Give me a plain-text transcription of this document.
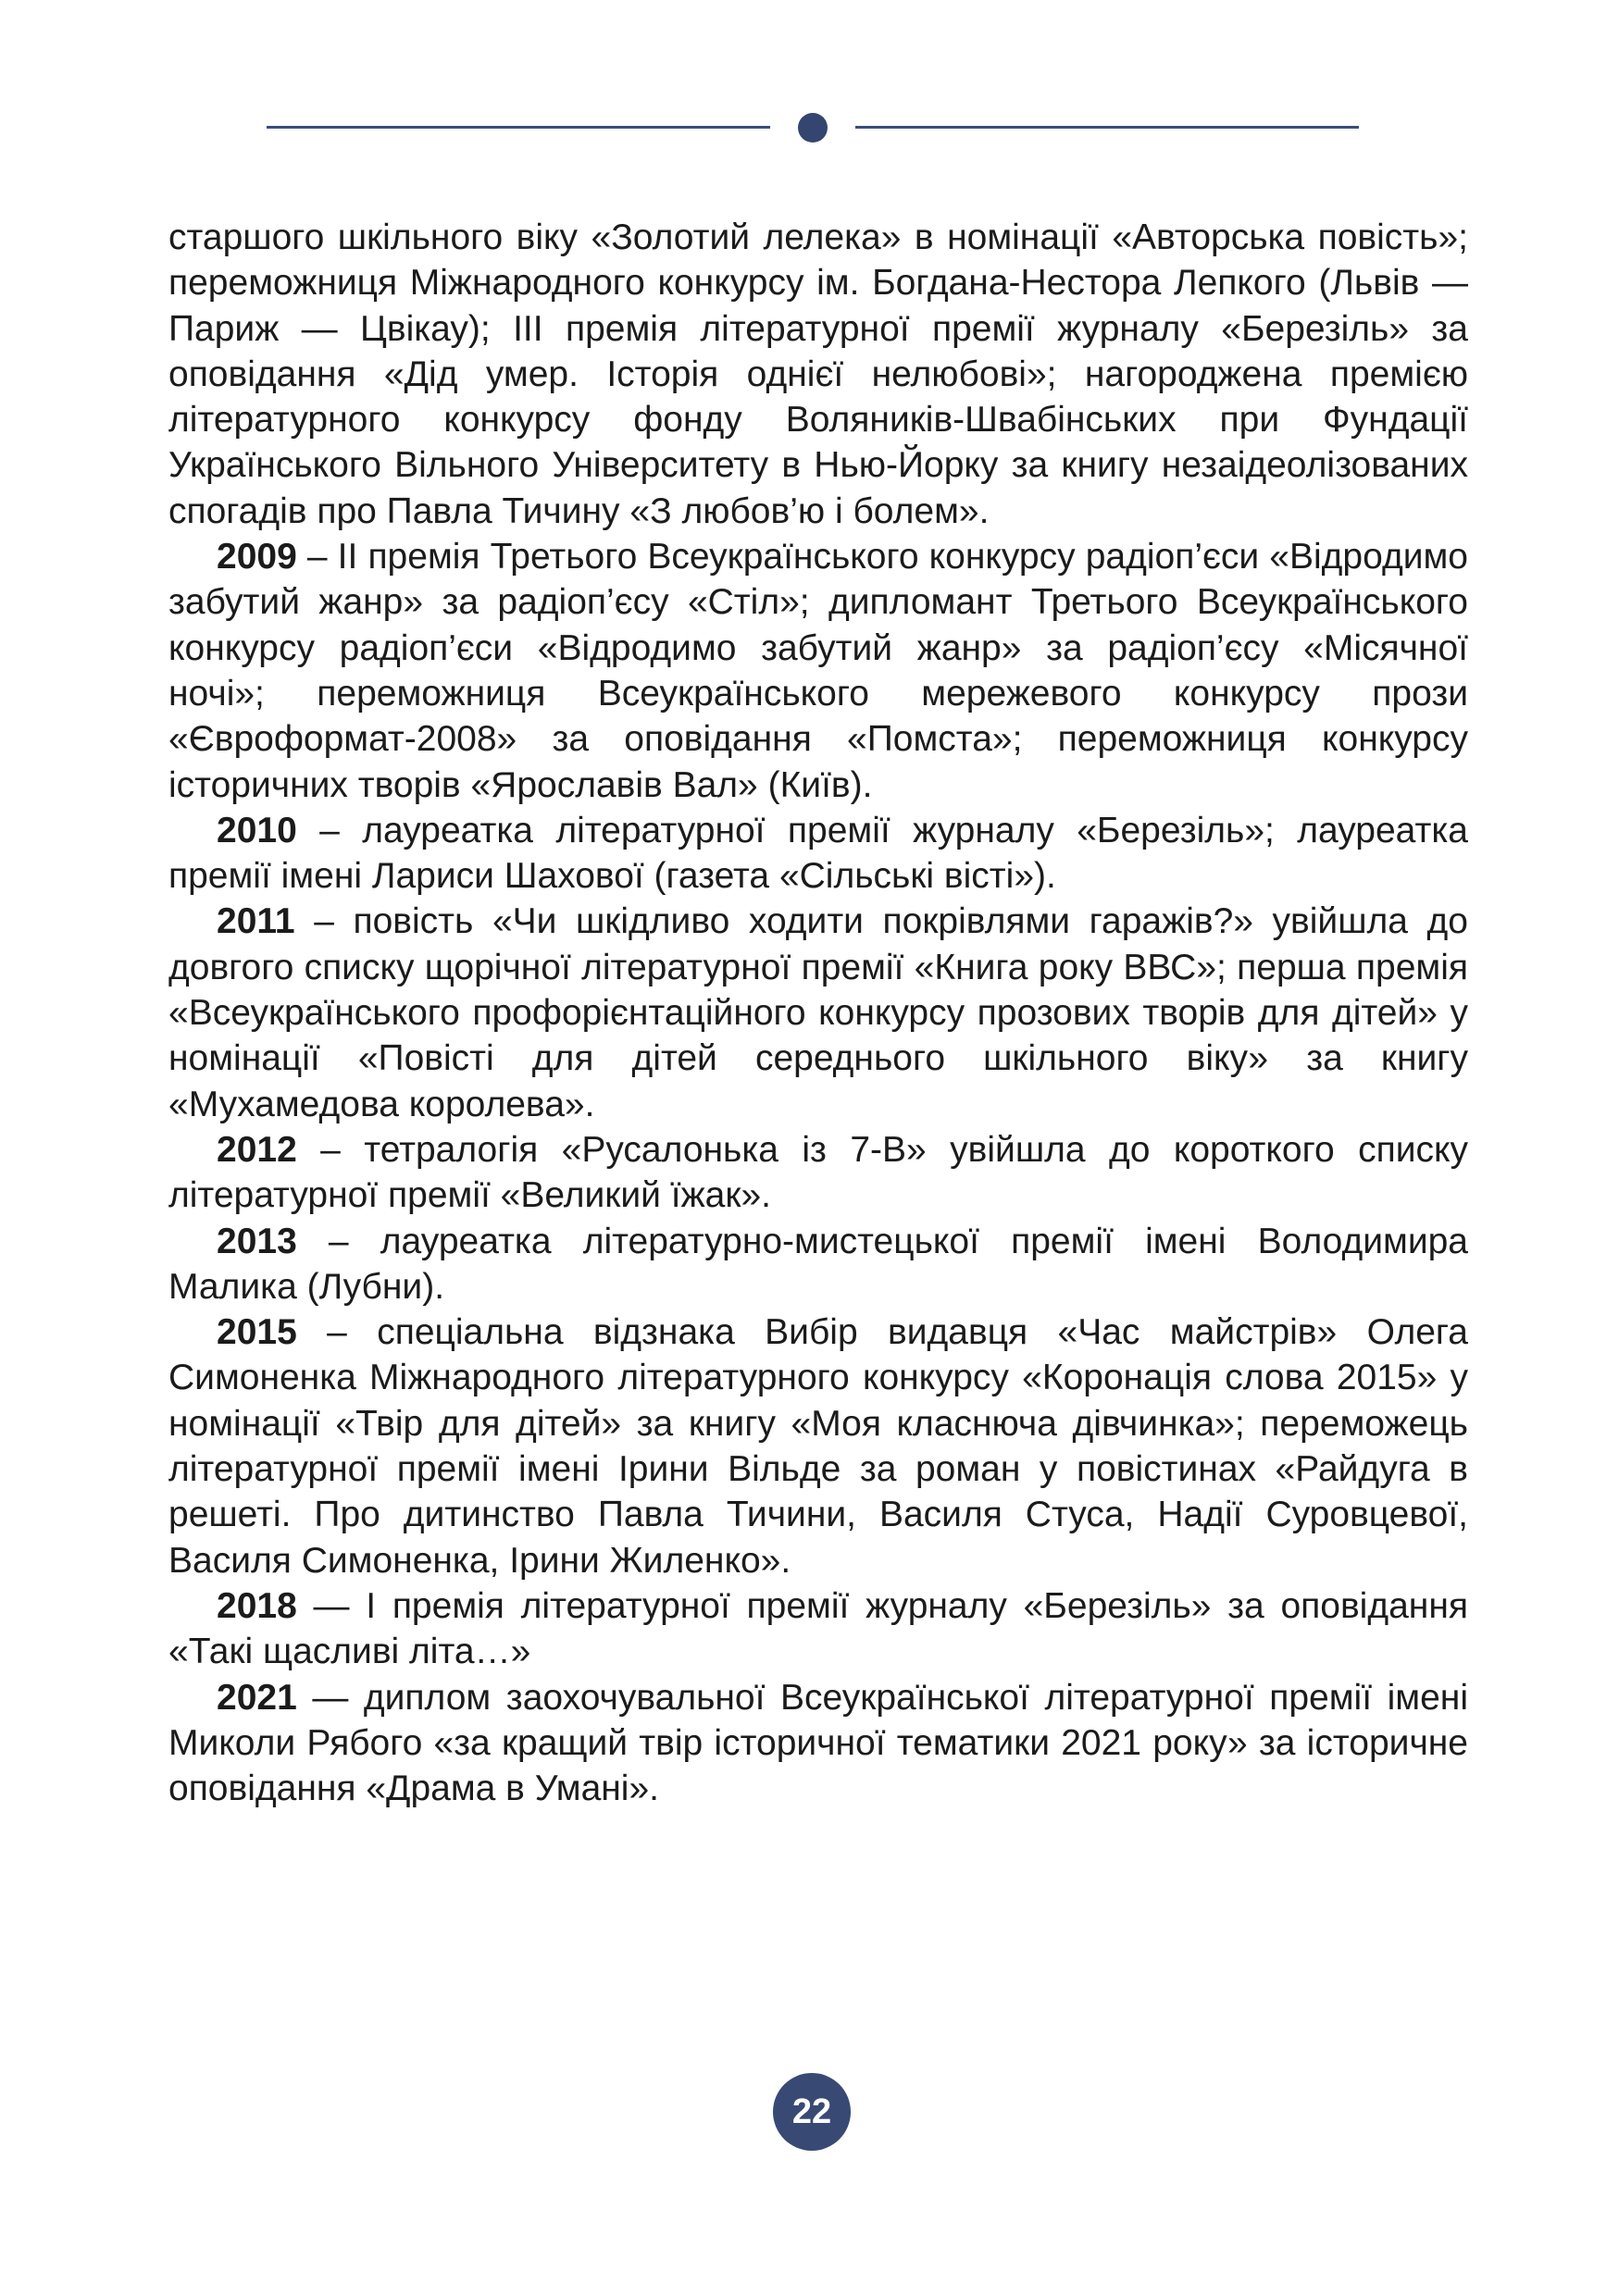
старшого шкільного віку «Золотий лелека» в номінації «Авторська повість»; переможниця Міжнародного конкурсу ім. Богдана-Нестора Лепкого (Львів — Париж — Цвікау); ІІІ премія літературної премії журналу «Березіль» за оповідання «Дід умер. Історія однієї нелюбові»; нагороджена премією літературного конкурсу фонду Воляників-Швабінських при Фундації Українського Вільного Університету в Нью-Йорку за книгу незаідеолізованих спогадів про Павла Тичину «З любов’ю і болем».

2009 – ІІ премія Третього Всеукраїнського конкурсу радіоп’єси «Відродимо забутий жанр» за радіоп’єсу «Стіл»; дипломант Третього Всеукраїнського конкурсу радіоп’єси «Відродимо забутий жанр» за радіоп’єсу «Місячної ночі»; переможниця Всеукраїнського мережевого конкурсу прози «Євроформат-2008» за оповідання «Помста»; переможниця конкурсу історичних творів «Ярославів Вал» (Київ).

2010 – лауреатка літературної премії журналу «Березіль»; лауреатка премії імені Лариси Шахової (газета «Сільські вісті»).

2011 – повість «Чи шкідливо ходити покрівлями гаражів?» увійшла до довгого списку щорічної літературної премії «Книга року ВВС»; перша премія «Всеукраїнського профорієнтаційного конкурсу прозових творів для дітей» у номінації «Повісті для дітей середнього шкільного віку» за книгу «Мухамедова королева».

2012 – тетралогія «Русалонька із 7-В» увійшла до короткого списку літературної премії «Великий їжак».

2013 – лауреатка літературно-мистецької премії імені Володимира Малика (Лубни).

2015 – спеціальна відзнака Вибір видавця «Час майстрів» Олега Симоненка Міжнародного літературного конкурсу «Коронація слова 2015» у номінації «Твір для дітей» за книгу «Моя класнюча дівчинка»; переможець літературної премії імені Ірини Вільде за роман у повістинах «Райдуга в решеті. Про дитинство Павла Тичини, Василя Стуса, Надії Суровцевої, Василя Симоненка, Ірини Жиленко».

2018 — І премія літературної премії журналу «Березіль» за оповідання «Такі щасливі літа…»

2021 — диплом заохочувальної Всеукраїнської літературної премії імені Миколи Рябого «за кращий твір історичної тематики 2021 року» за історичне оповідання «Драма в Умані».

22
